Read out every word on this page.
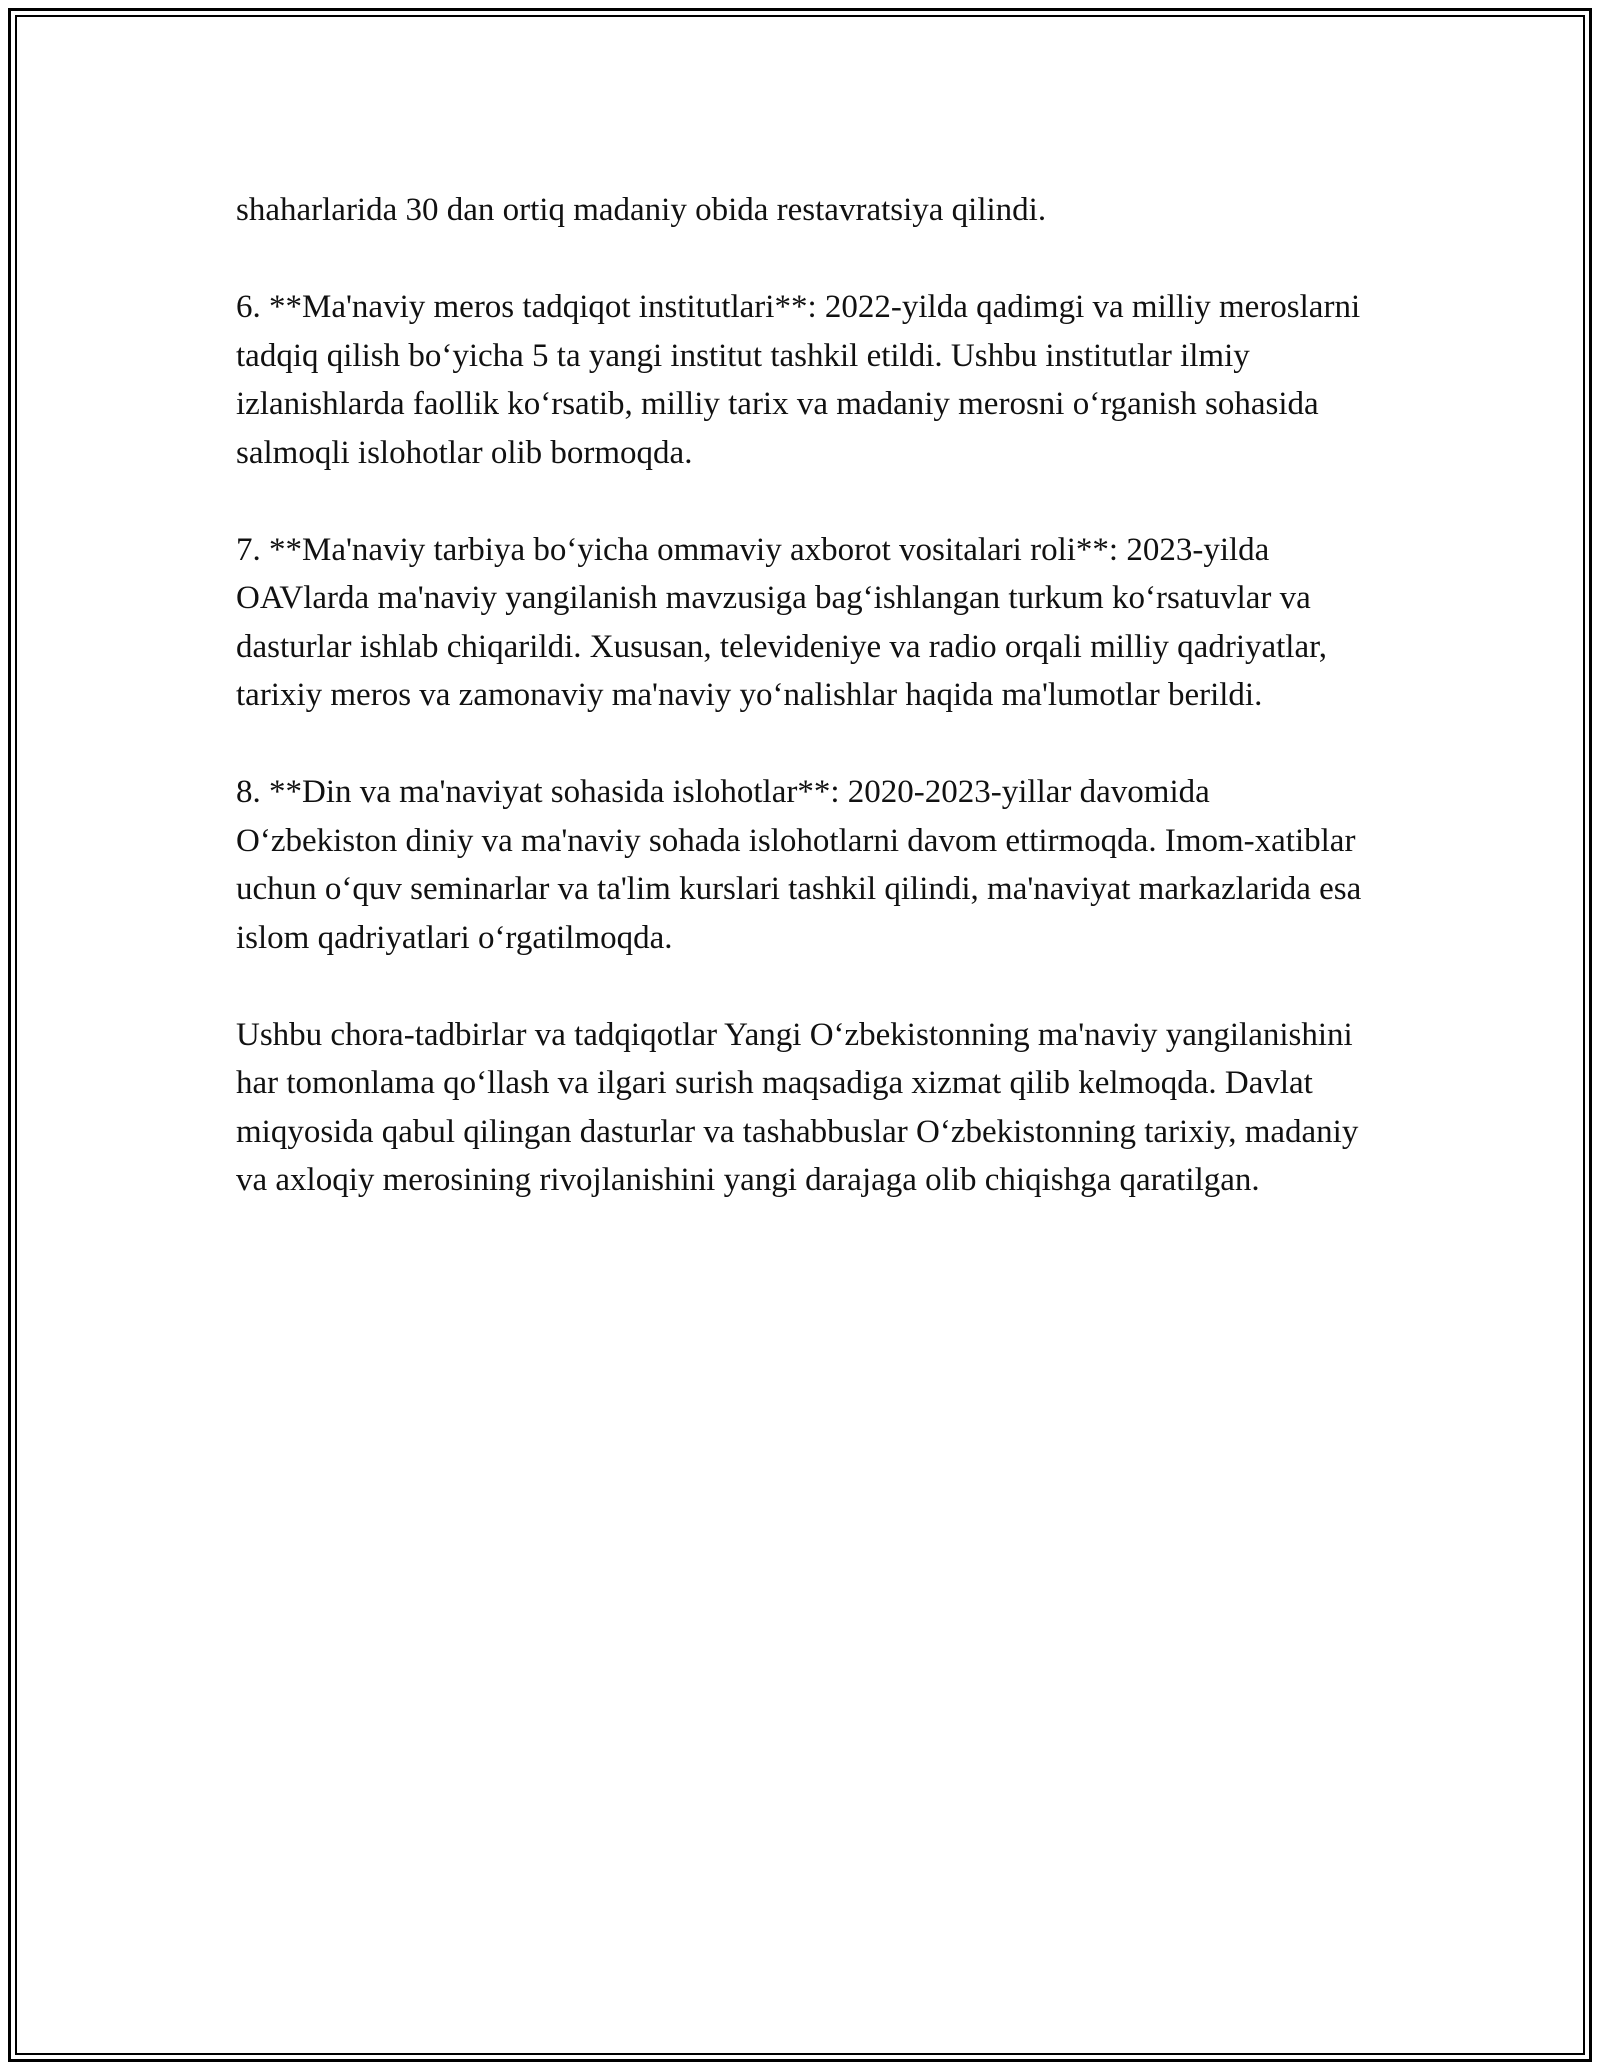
shaharlarida 30 dan ortiq madaniy obida restavratsiya qilindi.

6. **Ma'naviy meros tadqiqot institutlari**: 2022-yilda qadimgi va milliy meroslarni tadqiq qilish bo‘yicha 5 ta yangi institut tashkil etildi. Ushbu institutlar ilmiy izlanishlarda faollik ko‘rsatib, milliy tarix va madaniy merosni o‘rganish sohasida salmoqli islohotlar olib bormoqda.

7. **Ma'naviy tarbiya bo‘yicha ommaviy axborot vositalari roli**: 2023-yilda OAVlarda ma'naviy yangilanish mavzusiga bag‘ishlangan turkum ko‘rsatuvlar va dasturlar ishlab chiqarildi. Xususan, televideniye va radio orqali milliy qadriyatlar, tarixiy meros va zamonaviy ma'naviy yo‘nalishlar haqida ma'lumotlar berildi.

8. **Din va ma'naviyat sohasida islohotlar**: 2020-2023-yillar davomida O‘zbekiston diniy va ma'naviy sohada islohotlarni davom ettirmoqda. Imom-xatiblar uchun o‘quv seminarlar va ta'lim kurslari tashkil qilindi, ma'naviyat markazlarida esa islom qadriyatlari o‘rgatilmoqda.

Ushbu chora-tadbirlar va tadqiqotlar Yangi O‘zbekistonning ma'naviy yangilanishini har tomonlama qo‘llash va ilgari surish maqsadiga xizmat qilib kelmoqda. Davlat miqyosida qabul qilingan dasturlar va tashabbuslar O‘zbekistonning tarixiy, madaniy va axloqiy merosining rivojlanishini yangi darajaga olib chiqishga qaratilgan.
